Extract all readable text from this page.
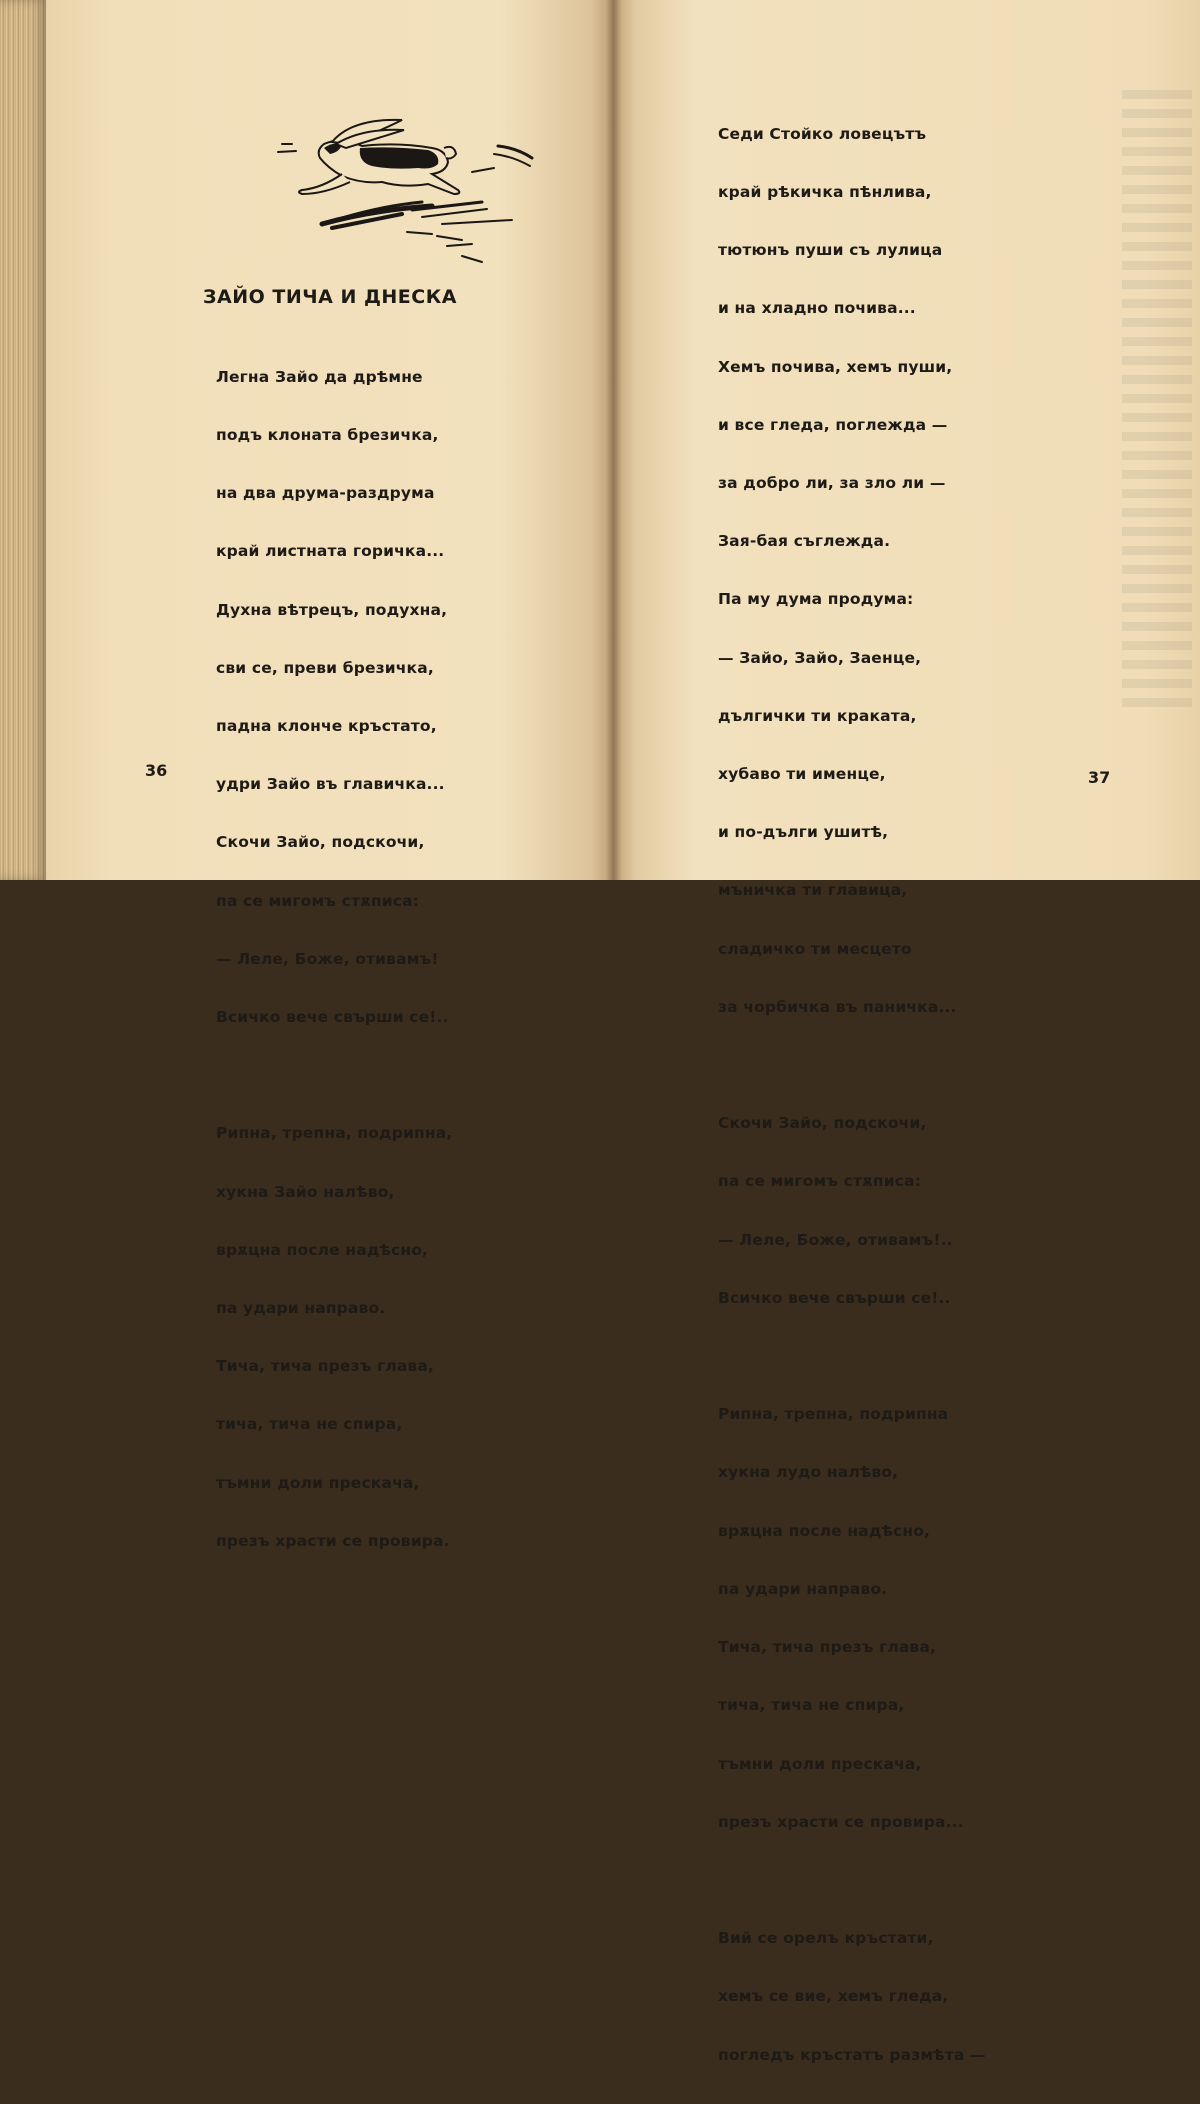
ЗАЙО ТИЧА И ДНЕСКА

Легна Зайо да дрѣмне

подъ клоната брезичка,

на два друма-раздрума

край листната горичка...

Духна вѣтрецъ, подухна,

сви се, преви брезичка,

падна клонче кръстато,

удри Зайо въ главичка...

Скочи Зайо, подскочи,

па се мигомъ стѫписа:

— Леле, Боже, отивамъ!

Всичко вече свърши се!..

Рипна, трепна, подрипна,

хукна Зайо налѣво,

врѫцна после надѣсно,

па удари направо.

Тича, тича презъ глава,

тича, тича не спира,

тъмни доли прескача,

презъ храсти се провира.

36

Седи Стойко ловецътъ

край рѣкичка пѣнлива,

тютюнъ пуши съ лулица

и на хладно почива...

Хемъ почива, хемъ пуши,

и все гледа, поглежда —

за добро ли, за зло ли —

Зая-бая съглежда.

Па му дума продума:

— Зайо, Зайо, Заенце,

дългички ти краката,

хубаво ти именце,

и по-дълги ушитѣ,

мъничка ти главица,

сладичко ти месцето

за чорбичка въ паничка...

Скочи Зайо, подскочи,

па се мигомъ стѫписа:

— Леле, Боже, отивамъ!..

Всичко вече свърши се!..

Рипна, трепна, подрипна

хукна лудо налѣво,

врѫцна после надѣсно,

па удари направо.

Тича, тича презъ глава,

тича, тича не спира,

тъмни доли прескача,

презъ храсти се провира...

Вий се орелъ кръстати,

хемъ се вие, хемъ гледа,

погледъ кръстатъ размѣта —

37
